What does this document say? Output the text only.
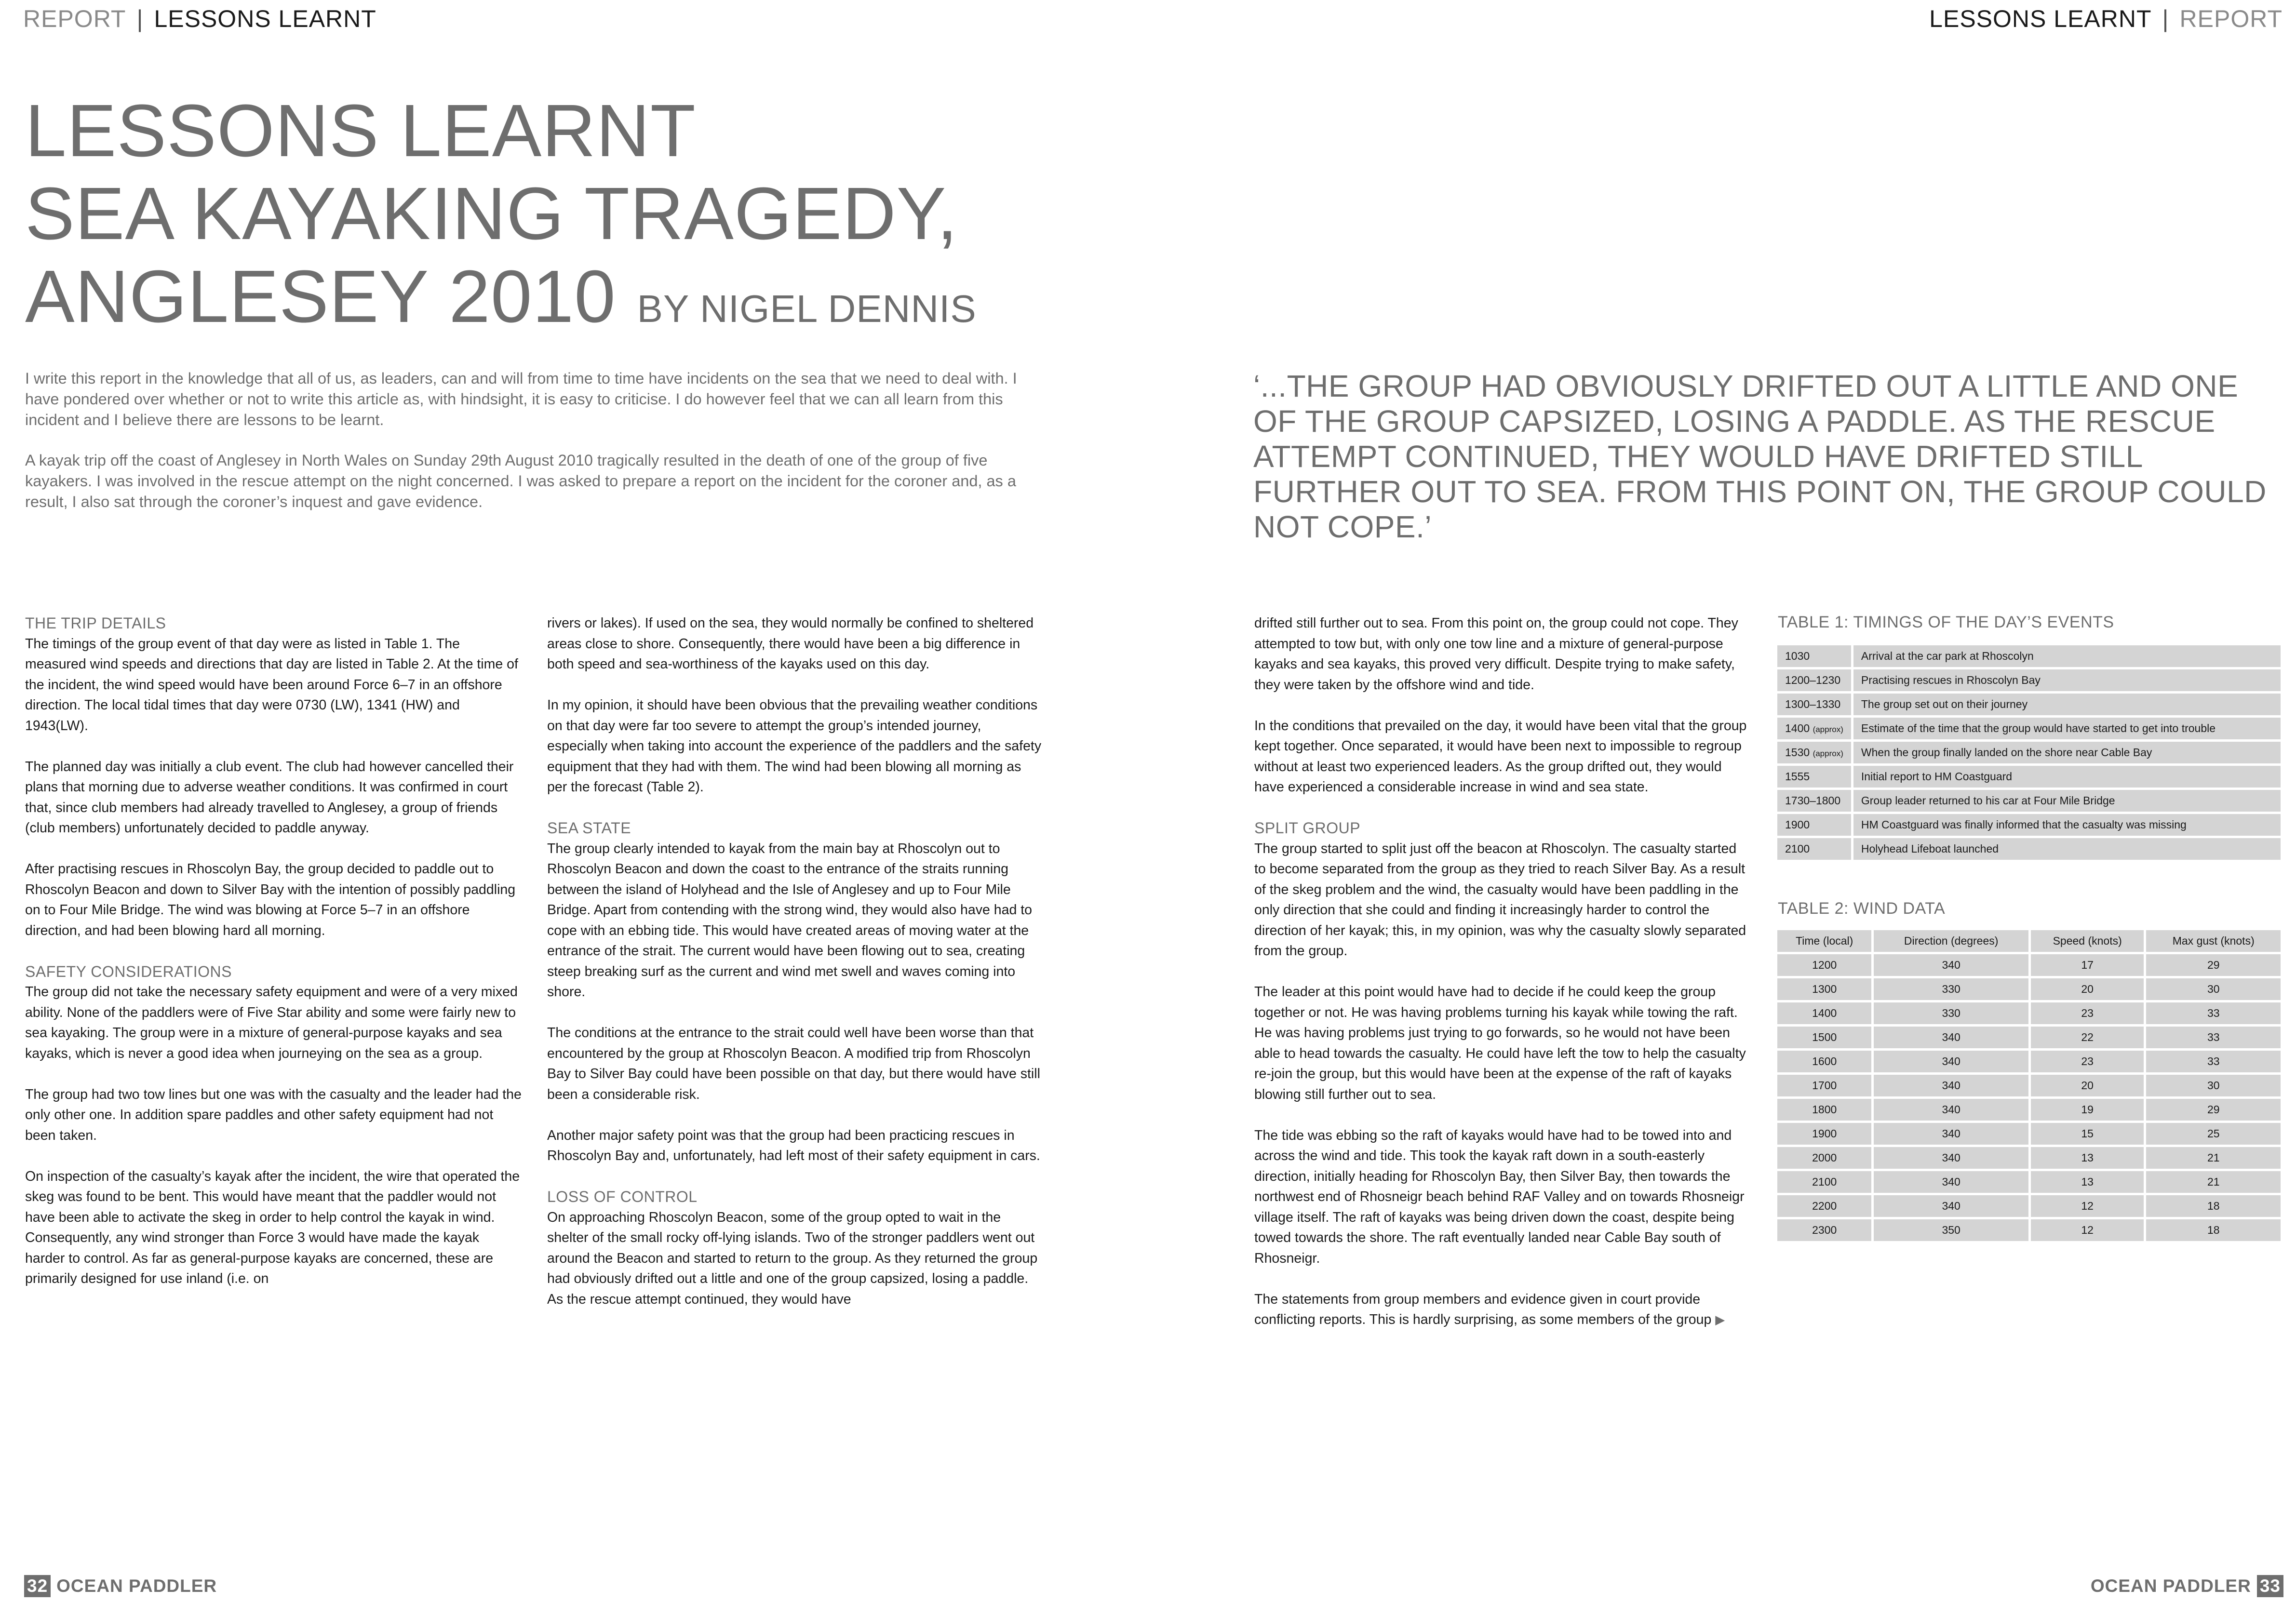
REPORT | LESSONS LEARNT	LESSONS LEARNT | REPORT
LESSONS LEARNT
SEA KAYAKING TRAGEDY,
ANGLESEY 2010 BY NIGEL DENNIS

I write this report in the knowledge that all of us, as leaders, can and will from time to time have incidents on the sea that we need to deal with. I have pondered over whether or not to write this article as, with hindsight, it is easy to criticise. I do however feel that we can all learn from this incident and I believe there are lessons to be learnt.

A kayak trip off the coast of Anglesey in North Wales on Sunday 29th August 2010 tragically resulted in the death of one of the group of five kayakers. I was involved in the rescue attempt on the night concerned. I was asked to prepare a report on the incident for the coroner and, as a result, I also sat through the coroner’s inquest and gave evidence.

‘...THE GROUP HAD OBVIOUSLY DRIFTED OUT A LITTLE AND ONE OF THE GROUP CAPSIZED, LOSING A PADDLE. AS THE RESCUE ATTEMPT CONTINUED, THEY WOULD HAVE DRIFTED STILL FURTHER OUT TO SEA. FROM THIS POINT ON, THE GROUP COULD NOT COPE.’
THE TRIP DETAILS

The timings of the group event of that day were as listed in Table 1. The measured wind speeds and directions that day are listed in Table 2. At the time of the incident, the wind speed would have been around Force 6–7 in an offshore direction. The local tidal times that day were 0730 (LW), 1341 (HW) and 1943(LW).

The planned day was initially a club event. The club had however cancelled their plans that morning due to adverse weather conditions. It was confirmed in court that, since club members had already travelled to Anglesey, a group of friends (club members) unfortunately decided to paddle anyway.

After practising rescues in Rhoscolyn Bay, the group decided to paddle out to Rhoscolyn Beacon and down to Silver Bay with the intention of possibly paddling on to Four Mile Bridge. The wind was blowing at Force 5–7 in an offshore direction, and had been blowing hard all morning.

SAFETY CONSIDERATIONS

The group did not take the necessary safety equipment and were of a very mixed ability. None of the paddlers were of Five Star ability and some were fairly new to sea kayaking. The group were in a mixture of general-purpose kayaks and sea kayaks, which is never a good idea when journeying on the sea as a group.

The group had two tow lines but one was with the casualty and the leader had the only other one. In addition spare paddles and other safety equipment had not been taken.

On inspection of the casualty’s kayak after the incident, the wire that operated the skeg was found to be bent. This would have meant that the paddler would not have been able to activate the skeg in order to help control the kayak in wind. Consequently, any wind stronger than Force 3 would have made the kayak harder to control. As far as general-purpose kayaks are concerned, these are primarily designed for use inland (i.e. on

rivers or lakes). If used on the sea, they would normally be confined to sheltered areas close to shore. Consequently, there would have been a big difference in both speed and sea-worthiness of the kayaks used on this day.

In my opinion, it should have been obvious that the prevailing weather conditions on that day were far too severe to attempt the group’s intended journey, especially when taking into account the experience of the paddlers and the safety equipment that they had with them. The wind had been blowing all morning as per the forecast (Table 2).

SEA STATE

The group clearly intended to kayak from the main bay at Rhoscolyn out to Rhoscolyn Beacon and down the coast to the entrance of the straits running between the island of Holyhead and the Isle of Anglesey and up to Four Mile Bridge. Apart from contending with the strong wind, they would also have had to cope with an ebbing tide. This would have created areas of moving water at the entrance of the strait. The current would have been flowing out to sea, creating steep breaking surf as the current and wind met swell and waves coming into shore.

The conditions at the entrance to the strait could well have been worse than that encountered by the group at Rhoscolyn Beacon. A modified trip from Rhoscolyn Bay to Silver Bay could have been possible on that day, but there would have still been a considerable risk.

Another major safety point was that the group had been practicing rescues in Rhoscolyn Bay and, unfortunately, had left most of their safety equipment in cars.

LOSS OF CONTROL

On approaching Rhoscolyn Beacon, some of the group opted to wait in the shelter of the small rocky off-lying islands. Two of the stronger paddlers went out around the Beacon and started to return to the group. As they returned the group had obviously drifted out a little and one of the group capsized, losing a paddle. As the rescue attempt continued, they would have

drifted still further out to sea. From this point on, the group could not cope. They attempted to tow but, with only one tow line and a mixture of general-purpose kayaks and sea kayaks, this proved very difficult. Despite trying to make safety, they were taken by the offshore wind and tide.

In the conditions that prevailed on the day, it would have been vital that the group kept together. Once separated, it would have been next to impossible to regroup without at least two experienced leaders. As the group drifted out, they would have experienced a considerable increase in wind and sea state.

SPLIT GROUP

The group started to split just off the beacon at Rhoscolyn. The casualty started to become separated from the group as they tried to reach Silver Bay. As a result of the skeg problem and the wind, the casualty would have been paddling in the only direction that she could and finding it increasingly harder to control the direction of her kayak; this, in my opinion, was why the casualty slowly separated from the group.

The leader at this point would have had to decide if he could keep the group together or not. He was having problems turning his kayak while towing the raft. He was having problems just trying to go forwards, so he would not have been able to head towards the casualty. He could have left the tow to help the casualty re-join the group, but this would have been at the expense of the raft of kayaks blowing still further out to sea.

The tide was ebbing so the raft of kayaks would have had to be towed into and across the wind and tide. This took the kayak raft down in a south-easterly direction, initially heading for Rhoscolyn Bay, then Silver Bay, then towards the northwest end of Rhosneigr beach behind RAF Valley and on towards Rhosneigr village itself. The raft of kayaks was being driven down the coast, despite being towed towards the shore. The raft eventually landed near Cable Bay south of Rhosneigr.

The statements from group members and evidence given in court provide conflicting reports. This is hardly surprising, as some members of the group ▶

TABLE 1: TIMINGS OF THE DAY’S EVENTS
1030	Arrival at the car park at Rhoscolyn
1200–1230	Practising rescues in Rhoscolyn Bay
1300–1330	The group set out on their journey
1400 (approx)	Estimate of the time that the group would have started to get into trouble
1530 (approx)	When the group finally landed on the shore near Cable Bay
1555	Initial report to HM Coastguard
1730–1800	Group leader returned to his car at Four Mile Bridge
1900	HM Coastguard was finally informed that the casualty was missing
2100	Holyhead Lifeboat launched
TABLE 2: WIND DATA
Time (local)	Direction (degrees)	Speed (knots)	Max gust (knots)
1200	340	17	29
1300	330	20	30
1400	330	23	33
1500	340	22	33
1600	340	23	33
1700	340	20	30
1800	340	19	29
1900	340	15	25
2000	340	13	21
2100	340	13	21
2200	340	12	18
2300	350	12	18
32 OCEAN PADDLER	OCEAN PADDLER 33
